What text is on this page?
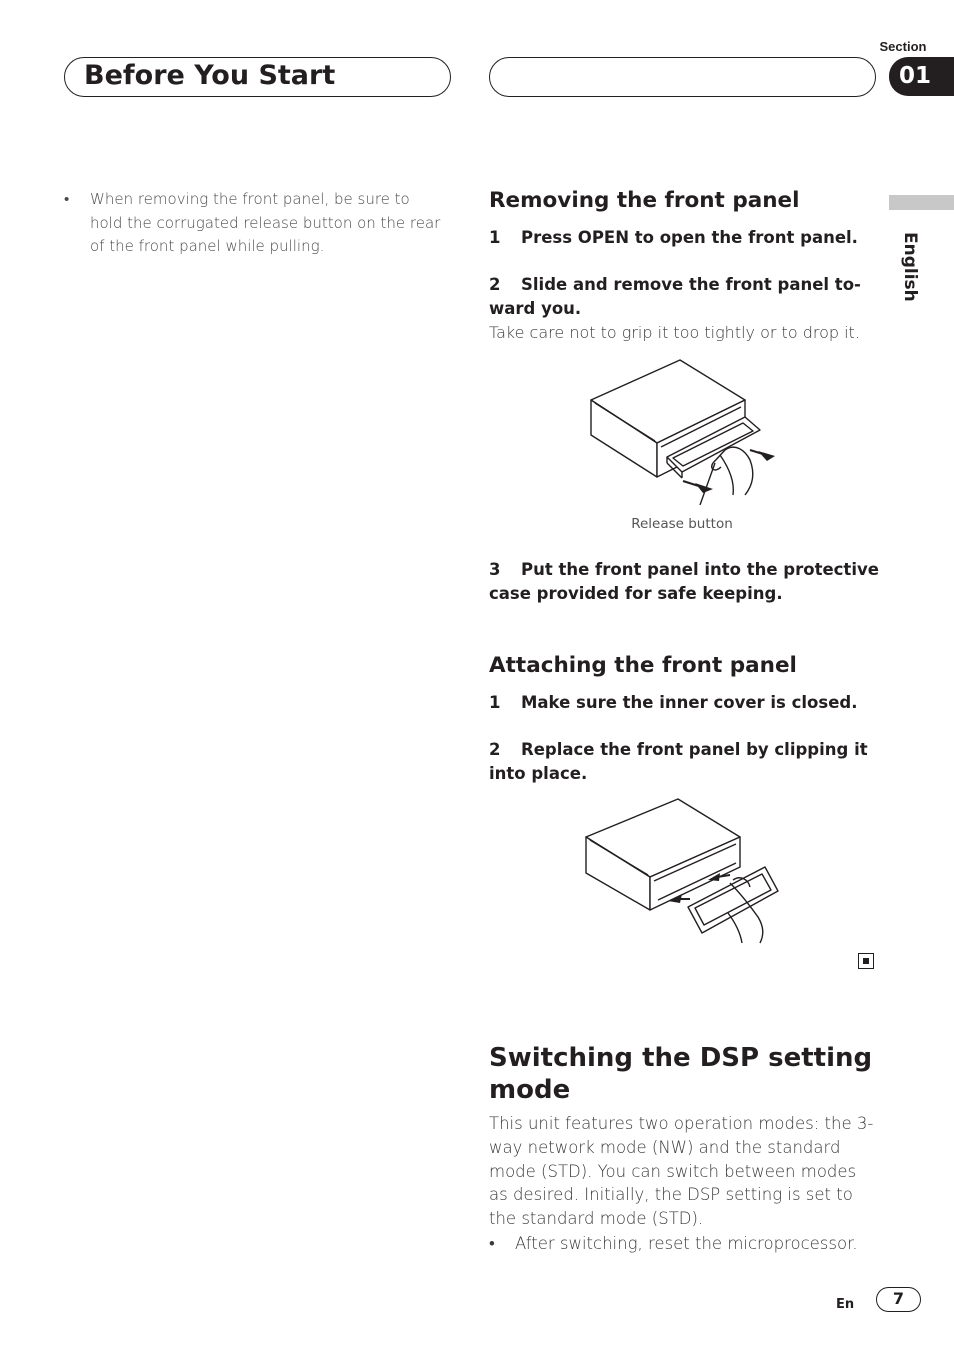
Before You Start
Section
01
English
• When removing the front panel, be sure to
hold the corrugated release button on the rear
of the front panel while pulling.
Removing the front panel
1 Press OPEN to open the front panel.
2 Slide and remove the front panel to-
ward you.
Take care not to grip it too tightly or to drop it.
Release button
3 Put the front panel into the protective
case provided for safe keeping.
Attaching the front panel
1 Make sure the inner cover is closed.
2 Replace the front panel by clipping it
into place.
Switching the DSP setting
mode
This unit features two operation modes: the 3-
way network mode (NW) and the standard
mode (STD). You can switch between modes
as desired. Initially, the DSP setting is set to
the standard mode (STD).
• After switching, reset the microprocessor.
En	7
